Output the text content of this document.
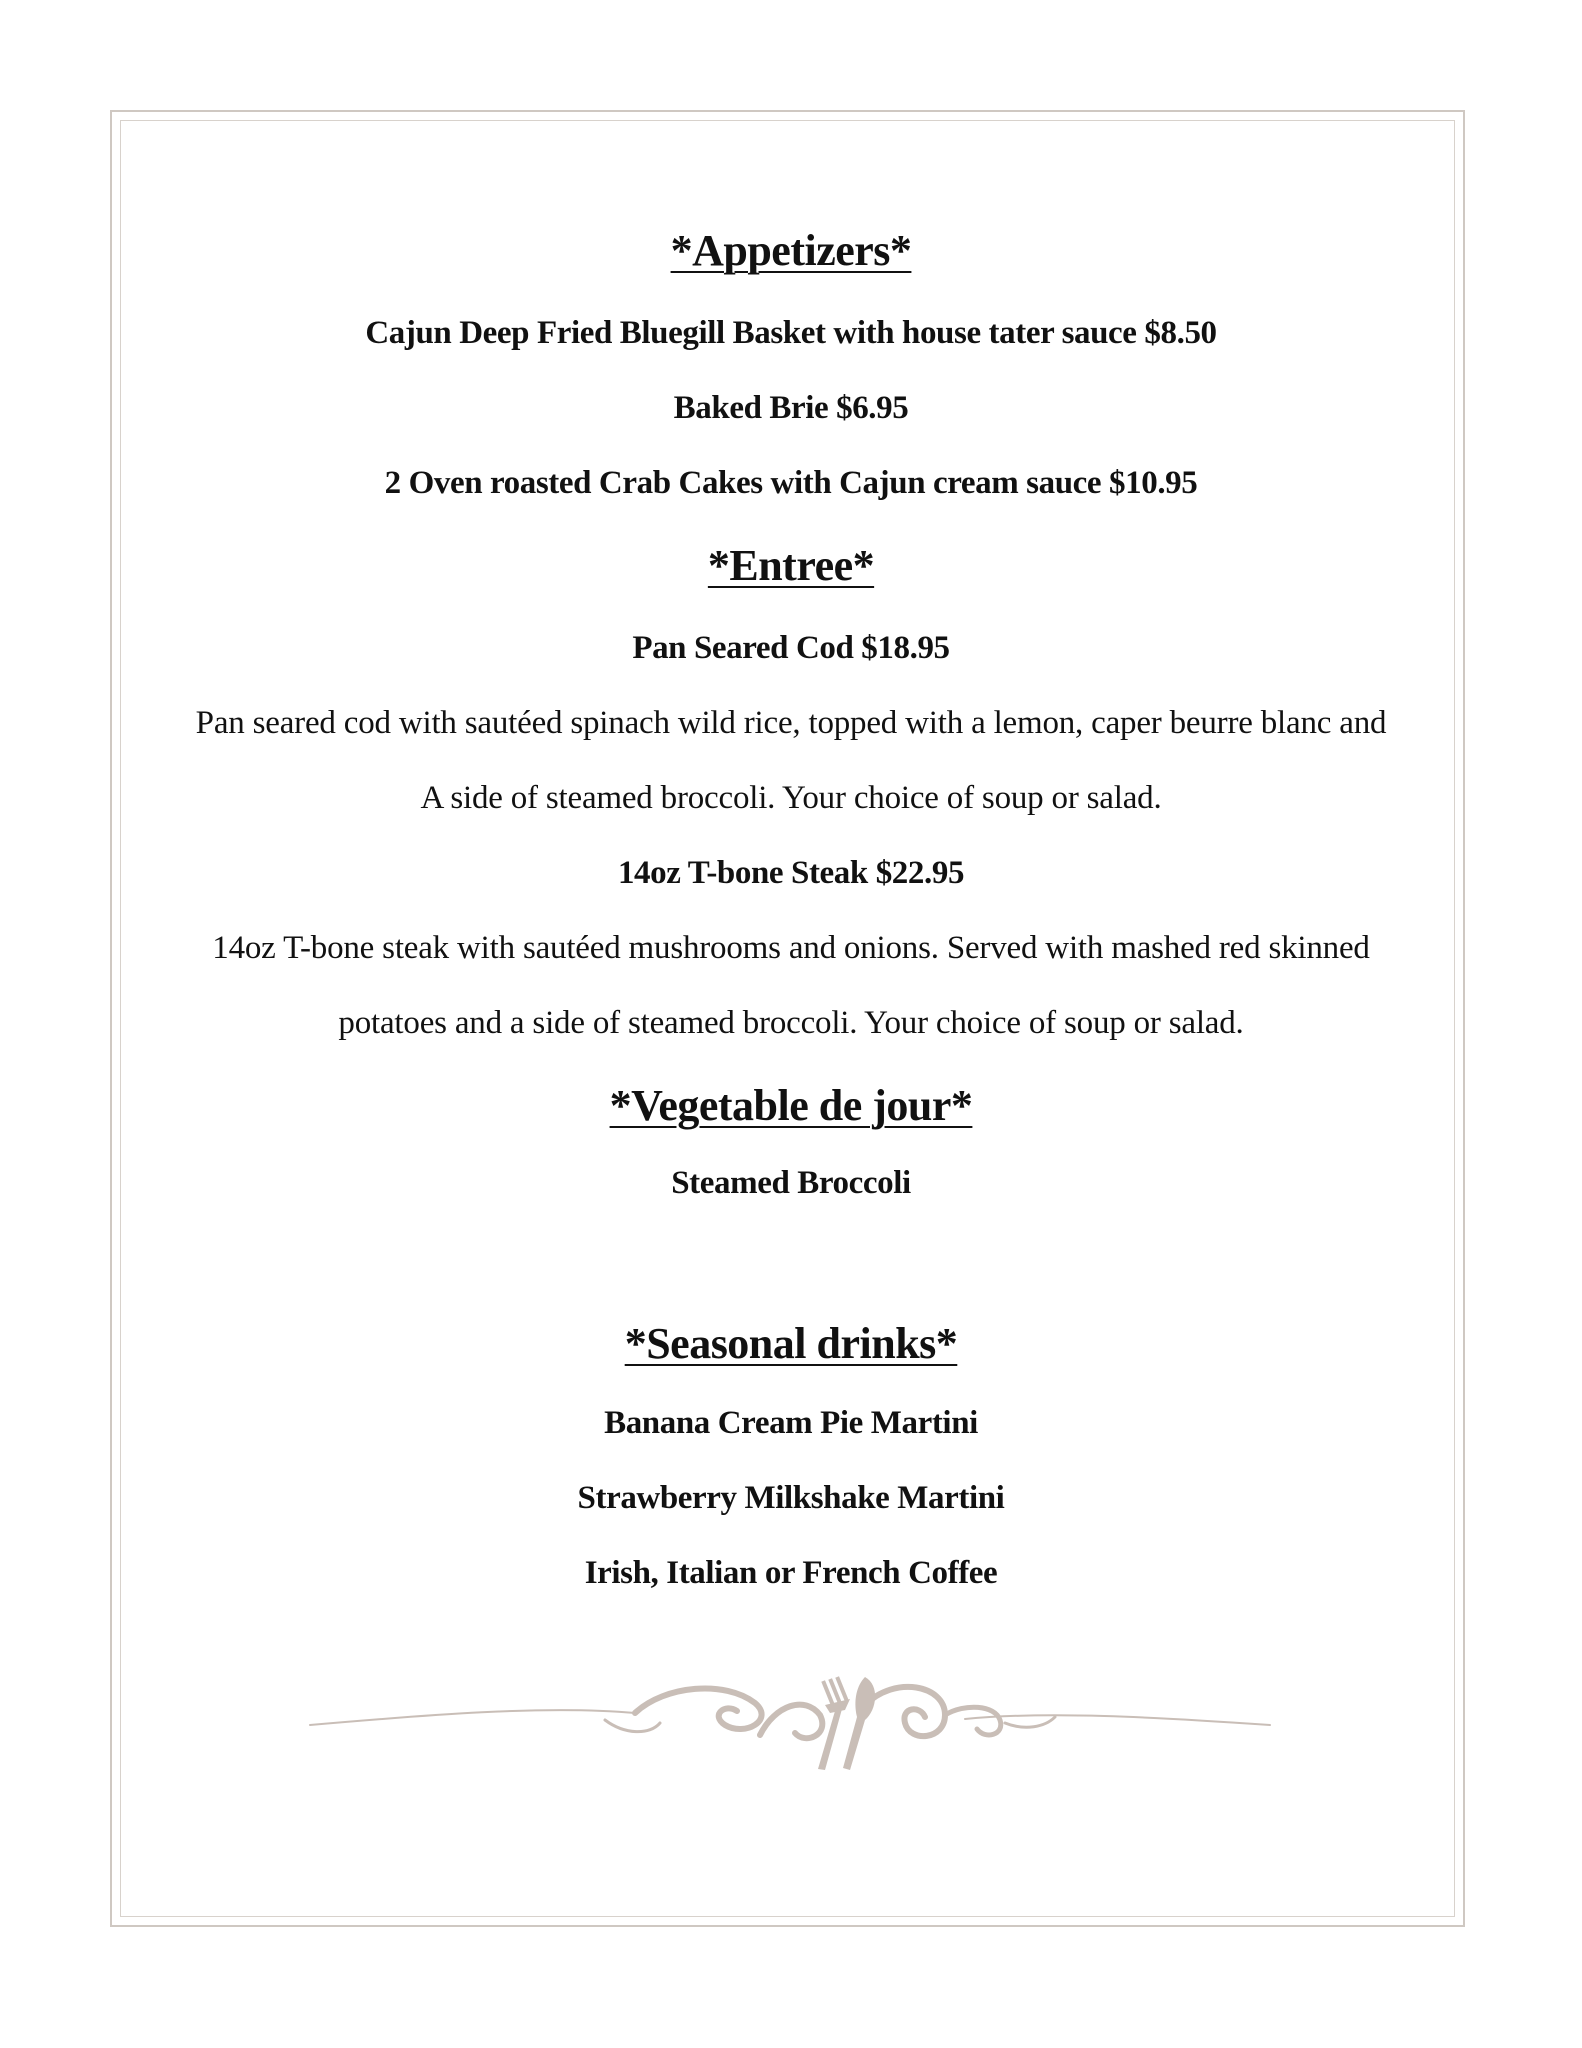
*Appetizers*

Cajun Deep Fried Bluegill Basket with house tater sauce $8.50

Baked Brie $6.95

2 Oven roasted Crab Cakes with Cajun cream sauce $10.95

*Entree*

Pan Seared Cod $18.95

Pan seared cod with sautéed spinach wild rice, topped with a lemon, caper beurre blanc and

A side of steamed broccoli. Your choice of soup or salad.

14oz T-bone Steak $22.95

14oz T-bone steak with sautéed mushrooms and onions. Served with mashed red skinned

potatoes and a side of steamed broccoli. Your choice of soup or salad.

*Vegetable de jour*

Steamed Broccoli

*Seasonal drinks*

Banana Cream Pie Martini

Strawberry Milkshake Martini

Irish, Italian or French Coffee
